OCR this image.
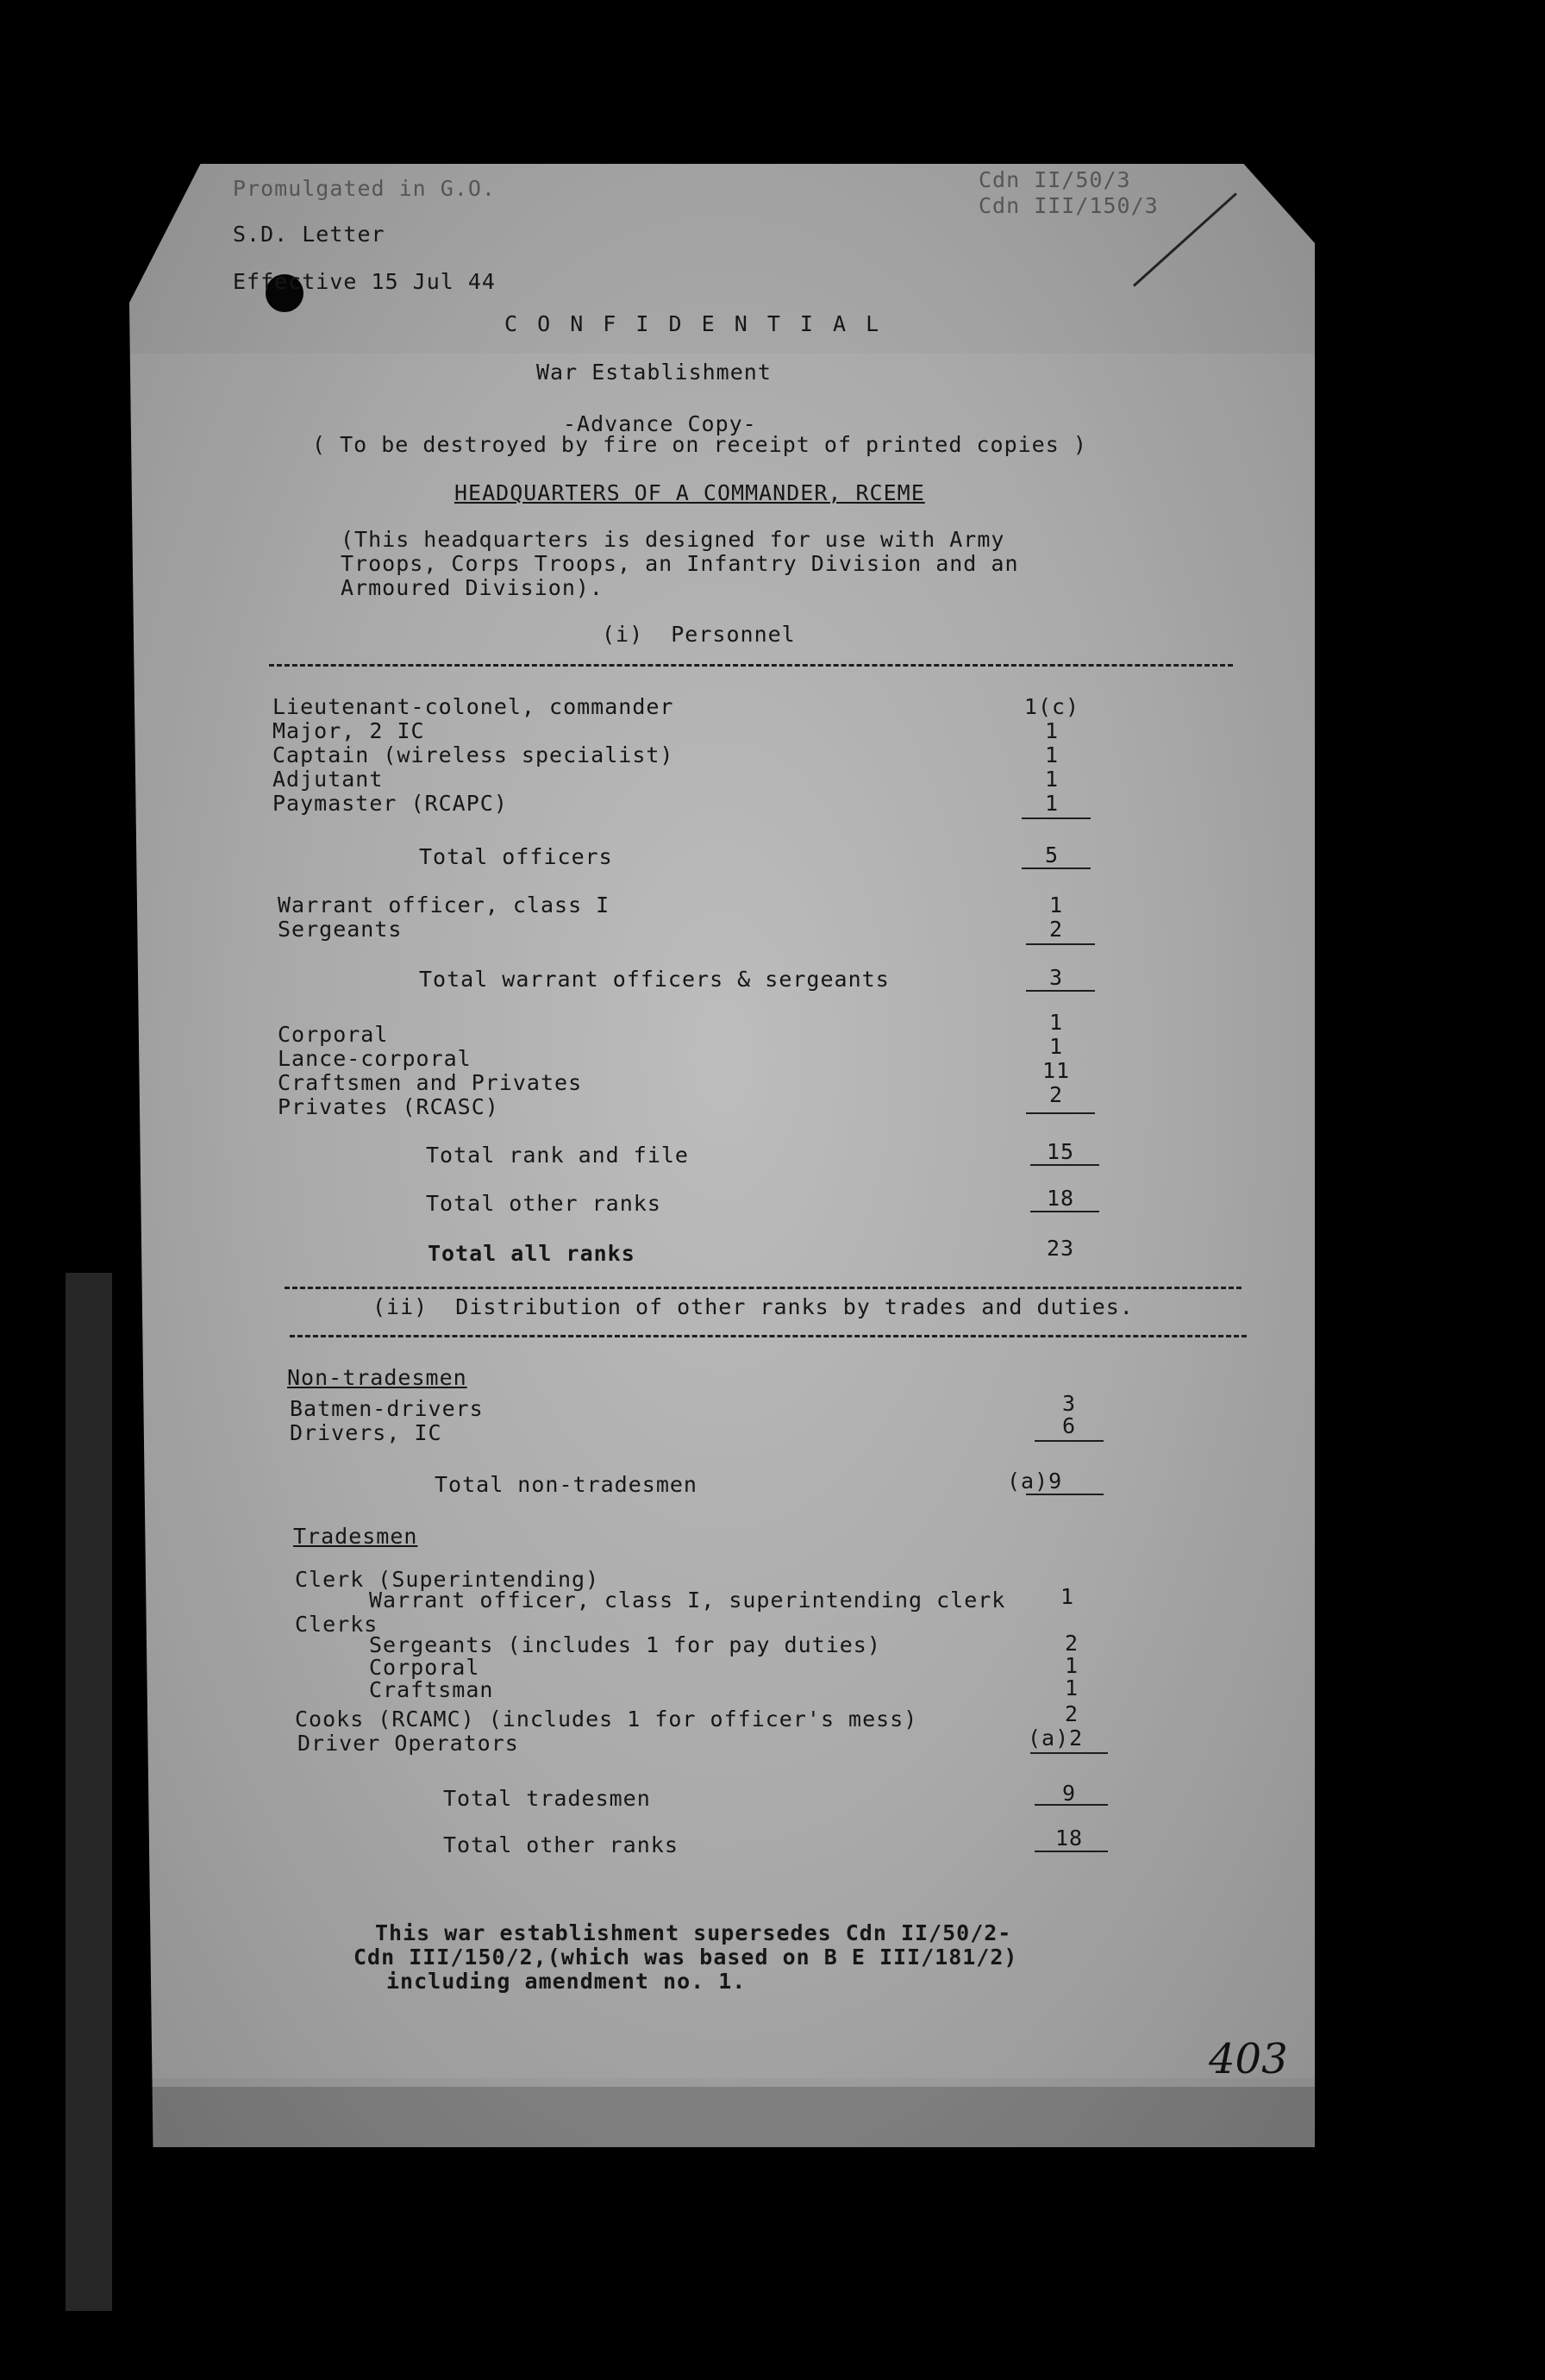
Promulgated in G.O.
S.D. Letter
Effective 15 Jul 44
Cdn II/50/3
Cdn III/150/3
C O N F I D E N T I A L
War Establishment
-Advance Copy-
( To be destroyed by fire on receipt of printed copies )
HEADQUARTERS OF A COMMANDER, RCEME
(This headquarters is designed for use with Army
Troops, Corps Troops, an Infantry Division and an
Armoured Division).
(i)  Personnel
Lieutenant-colonel, commander	1(c)
Major, 2 IC	1
Captain (wireless specialist)	1
Adjutant	1
Paymaster (RCAPC)	1
Total officers	5
Warrant officer, class I	1
Sergeants	2
Total warrant officers & sergeants	3
Corporal	1
Lance-corporal	1
Craftsmen and Privates	11
Privates (RCASC)	2
Total rank and file	15
Total other ranks	18
Total all ranks	23
(ii)  Distribution of other ranks by trades and duties.
Non-tradesmen
Batmen-drivers	3
Drivers, IC	6
Total non-tradesmen	(a)9
Tradesmen
Clerk (Superintending)
Warrant officer, class I, superintending clerk	1
Clerks
Sergeants (includes 1 for pay duties)	2
Corporal	1
Craftsman	1
Cooks (RCAMC) (includes 1 for officer's mess)	2
Driver Operators	(a)2
Total tradesmen	9
Total other ranks	18
This war establishment supersedes Cdn II/50/2-
Cdn III/150/2,(which was based on B E III/181/2)
including amendment no. 1.
403
